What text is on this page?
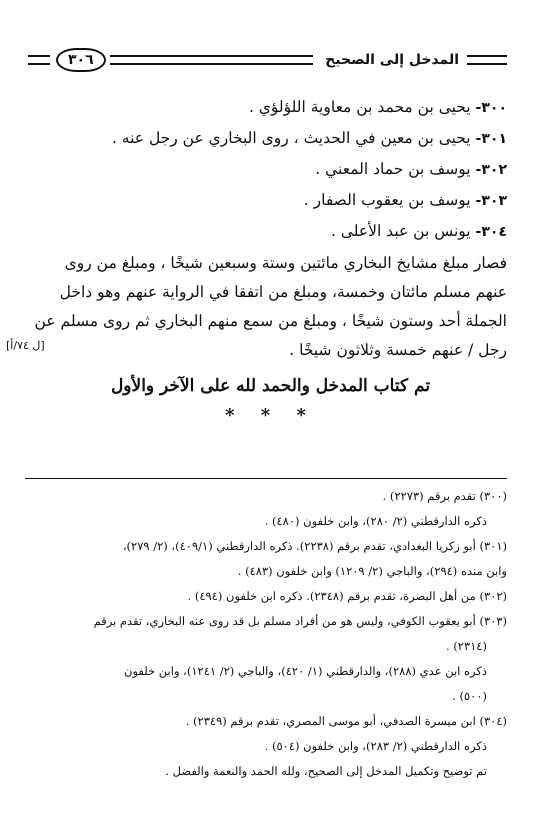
المدخل إلى الصحيح
٣٠٦
٣٠٠- يحيى بن محمد بن معاوية اللؤلؤي .
٣٠١- يحيى بن معين في الحديث ، روى البخاري عن رجل عنه .
٣٠٢- يوسف بن حماد المعني .
٣٠٣- يوسف بن يعقوب الصفار .
٣٠٤- يونس بن عبد الأعلى .
فصار مبلغ مشايخ البخاري مائتين وستة وسبعين شيخًا ، ومبلغ من روى
عنهم مسلم مائتان وخمسة، ومبلغ من اتفقا في الرواية عنهم وهو داخل
الجملة أحد وستون شيخًا ، ومبلغ من سمع منهم البخاري ثم روى مسلم عن
رجل / عنهم خمسة وثلاثون شيخًا .
تم كتاب المدخل والحمد لله على الآخر والأول
* * *
[ل ٧٤/أ]
(٣٠٠) تقدم برقم (٢٢٧٣) .
ذكره الدارقطني (٢/ ٢٨٠)، وابن خلفون (٤٨٠) .
(٣٠١) أبو زكريا البغدادي، تقدم برقم (٢٢٣٨). ذكره الدارقطني (٤٠٩/١)، (٢/ ٢٧٩)،
وابن منده (٢٩٤)، والباجي (٢/ ١٢٠٩) وابن خلفون (٤٨٣) .
(٣٠٢) من أهل البصرة، تقدم برقم (٢٣٤٨). ذكره ابن خلفون (٤٩٤) .
(٣٠٣) أبو يعقوب الكوفي، وليس هو من أفراد مسلم بل قد روى عنه البخاري، تقدم برقم
(٢٣١٤) .
ذكره ابن عدي (٢٨٨)، والدارقطني (١/ ٤٢٠)، والباجي (٢/ ١٢٤١)، وابن خلفون
(٥٠٠) .
(٣٠٤) ابن ميسرة الصدفي، أبو موسى المصري، تقدم برقم (٢٣٤٩) .
ذكره الدارقطني (٢/ ٢٨٣)، وابن خلفون (٥٠٤) .
تم توضيح وتكميل المدخل إلى الصحيح، ولله الحمد والنعمة والفضل .
